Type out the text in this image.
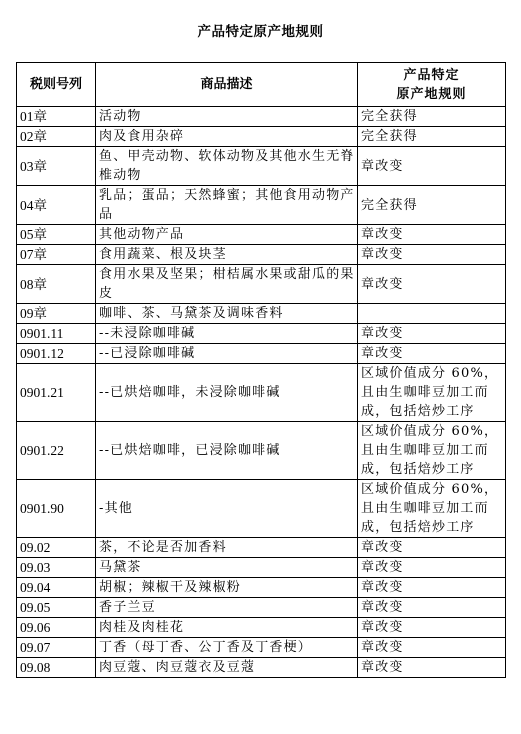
产品特定原产地规则
税则号列	商品描述	产品特定
原产地规则
01章	活动物	完全获得
02章	肉及食用杂碎	完全获得
03章	鱼、甲壳动物、软体动物及其他水生无脊椎动物	章改变
04章	乳品；蛋品；天然蜂蜜；其他食用动物产品	完全获得
05章	其他动物产品	章改变
07章	食用蔬菜、根及块茎	章改变
08章	食用水果及坚果；柑桔属水果或甜瓜的果皮	章改变
09章	咖啡、茶、马黛茶及调味香料	
0901.11	--未浸除咖啡碱	章改变
0901.12	--已浸除咖啡碱	章改变
0901.21	--已烘焙咖啡，未浸除咖啡碱	区域价值成分 60%，且由生咖啡豆加工而成，包括焙炒工序
0901.22	--已烘焙咖啡，已浸除咖啡碱	区域价值成分 60%，且由生咖啡豆加工而成，包括焙炒工序
0901.90	-其他	区域价值成分 60%，且由生咖啡豆加工而成，包括焙炒工序
09.02	茶，不论是否加香料	章改变
09.03	马黛茶	章改变
09.04	胡椒；辣椒干及辣椒粉	章改变
09.05	香子兰豆	章改变
09.06	肉桂及肉桂花	章改变
09.07	丁香（母丁香、公丁香及丁香梗）	章改变
09.08	肉豆蔻、肉豆蔻衣及豆蔻	章改变
